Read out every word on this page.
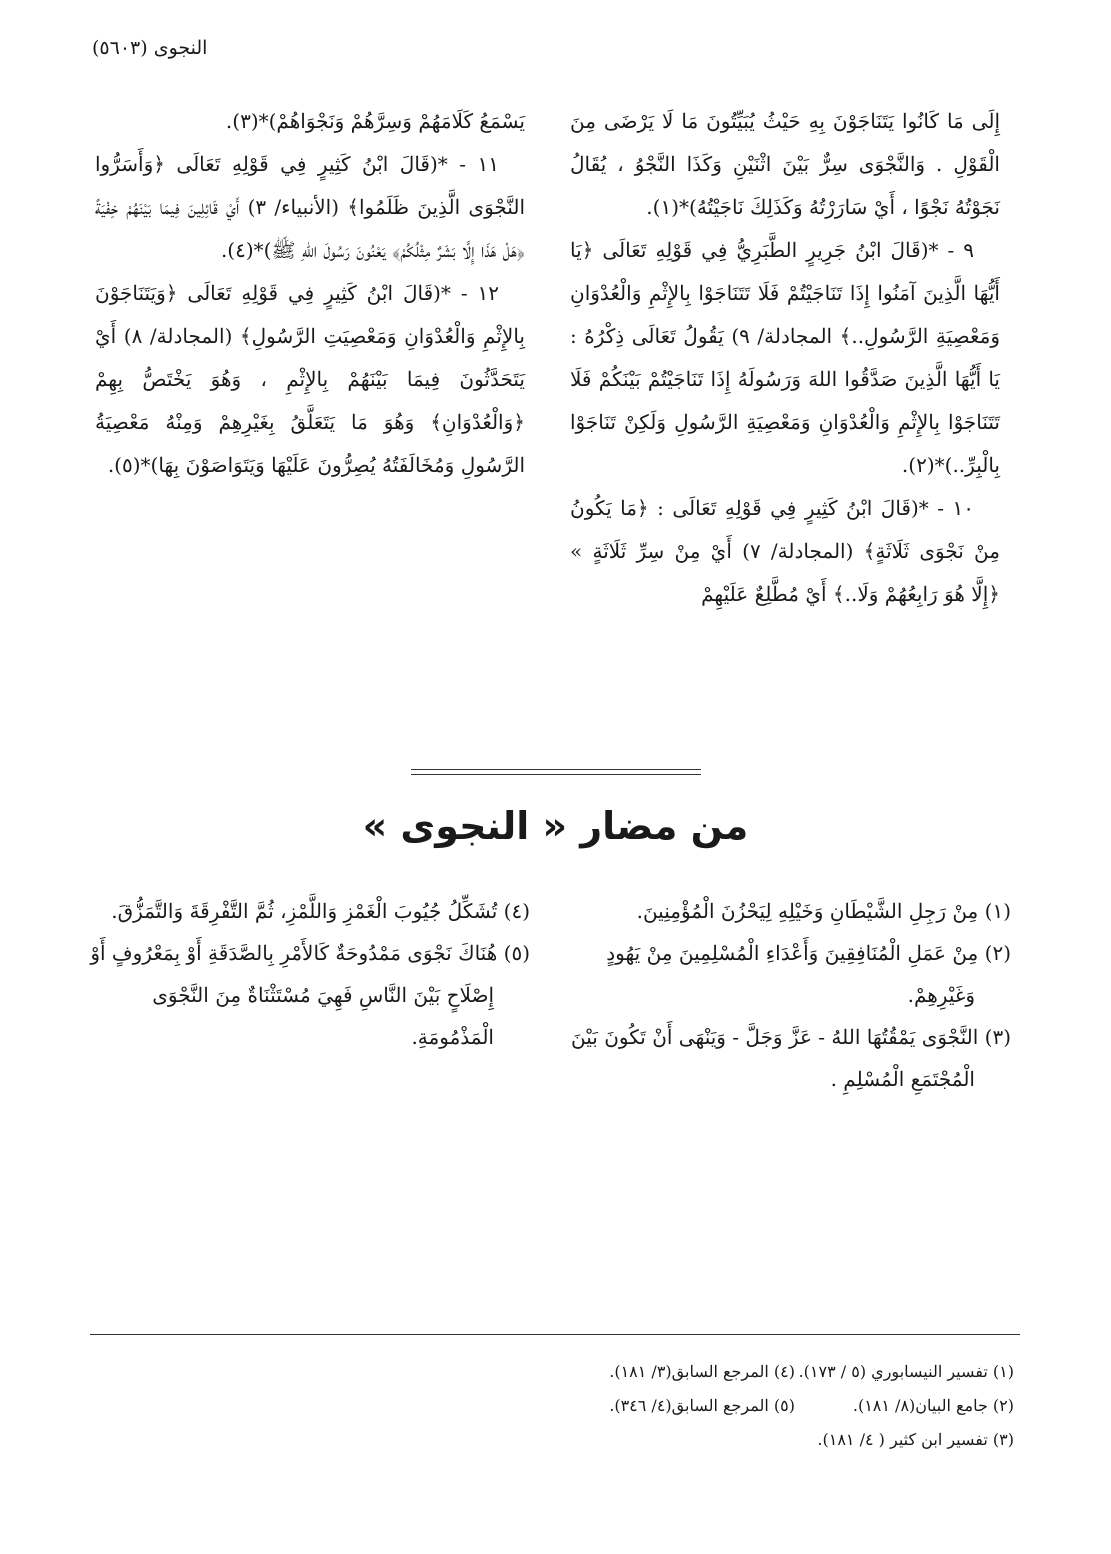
النجوى (٥٦٠٣)

إِلَى مَا كَانُوا يَتَنَاجَوْنَ بِهِ حَيْثُ يُبَيِّتُونَ مَا لَا يَرْضَى مِنَ الْقَوْلِ . وَالنَّجْوَى سِرٌّ بَيْنَ اثْنَيْنِ وَكَذَا النَّجْوُ ، يُقَالُ نَجَوْتُهُ نَجْوًا ، أَيْ سَارَرْتُهُ وَكَذَلِكَ نَاجَيْتُهُ)*(١).

٩ - *(قَالَ ابْنُ جَرِيرٍ الطَّبَرِيُّ فِي قَوْلِهِ تَعَالَى ﴿يَا أَيُّهَا الَّذِينَ آمَنُوا إِذَا تَنَاجَيْتُمْ فَلَا تَتَنَاجَوْا بِالإِثْمِ وَالْعُدْوَانِ وَمَعْصِيَةِ الرَّسُولِ..﴾ المجادلة/ ٩) يَقُولُ تَعَالَى ذِكْرُهُ : يَا أَيُّهَا الَّذِينَ صَدَّقُوا اللهَ وَرَسُولَهُ إِذَا تَنَاجَيْتُمْ بَيْنَكُمْ فَلَا تَتَنَاجَوْا بِالإِثْمِ وَالْعُدْوَانِ وَمَعْصِيَةِ الرَّسُولِ وَلَكِنْ تَنَاجَوْا بِالْبِرِّ..)*(٢).

١٠ - *(قَالَ ابْنُ كَثِيرٍ فِي قَوْلِهِ تَعَالَى : ﴿مَا يَكُونُ مِنْ نَجْوَى ثَلَاثَةٍ﴾ (المجادلة/ ٧) أَيْ مِنْ سِرِّ ثَلَاثَةٍ » ﴿إِلَّا هُوَ رَابِعُهُمْ وَلَا..﴾ أَيْ مُطَّلِعٌ عَلَيْهِمْ

يَسْمَعُ كَلَامَهُمْ وَسِرَّهُمْ وَنَجْوَاهُمْ)*(٣).

١١ - *(قَالَ ابْنُ كَثِيرٍ فِي قَوْلِهِ تَعَالَى ﴿وَأَسَرُّوا النَّجْوَى الَّذِينَ ظَلَمُوا﴾ (الأنبياء/ ٣) أَيْ قَائِلِينَ فِيمَا بَيْنَهُمْ خِفْيَةً ﴿هَلْ هَذَا إِلَّا بَشَرٌ مِثْلُكُمْ﴾ يَعْنُونَ رَسُولَ اللهِ ﷺ)*(٤).

١٢ - *(قَالَ ابْنُ كَثِيرٍ فِي قَوْلِهِ تَعَالَى ﴿وَيَتَنَاجَوْنَ بِالإِثْمِ وَالْعُدْوَانِ وَمَعْصِيَتِ الرَّسُولِ﴾ (المجادلة/ ٨) أَيْ يَتَحَدَّثُونَ فِيمَا بَيْنَهُمْ بِالإِثْمِ ، وَهُوَ يَخْتَصُّ بِهِمْ ﴿وَالْعُدْوَانِ﴾ وَهُوَ مَا يَتَعَلَّقُ بِغَيْرِهِمْ وَمِنْهُ مَعْصِيَةُ الرَّسُولِ وَمُخَالَفَتُهُ يُصِرُّونَ عَلَيْهَا وَيَتَوَاصَوْنَ بِهَا)*(٥).

من مضار « النجوى »

(١) مِنْ رَجِلِ الشَّيْطَانِ وَخَيْلِهِ لِيَحْزُنَ الْمُؤْمِنِينَ.

(٢) مِنْ عَمَلِ الْمُنَافِقِينَ وَأَعْدَاءِ الْمُسْلِمِينَ مِنْ يَهُودٍ وَغَيْرِهِمْ.

(٣) النَّجْوَى يَمْقُتُهَا اللهُ - عَزَّ وَجَلَّ - وَيَنْهَى أَنْ تَكُونَ بَيْنَ الْمُجْتَمَعِ الْمُسْلِمِ .

(٤) تُشَكِّلُ جُيُوبَ الْغَمْزِ وَاللَّمْزِ، ثُمَّ التَّفْرِقَةَ وَالتَّمَزُّقَ.

(٥) هُنَاكَ نَجْوَى مَمْدُوحَةٌ كَالأَمْرِ بِالصَّدَقَةِ أَوْ بِمَعْرُوفٍ أَوْ إِصْلَاحٍ بَيْنَ النَّاسِ فَهِيَ مُسْتَثْنَاةٌ مِنَ النَّجْوَى الْمَذْمُومَةِ.

(١) تفسير النيسابوري (٥ / ١٧٣).

(٢) جامع البيان(٨/ ١٨١).

(٣) تفسير ابن كثير ( ٤/ ١٨١).

(٤) المرجع السابق(٣/ ١٨١).

(٥) المرجع السابق(٤/ ٣٤٦).
